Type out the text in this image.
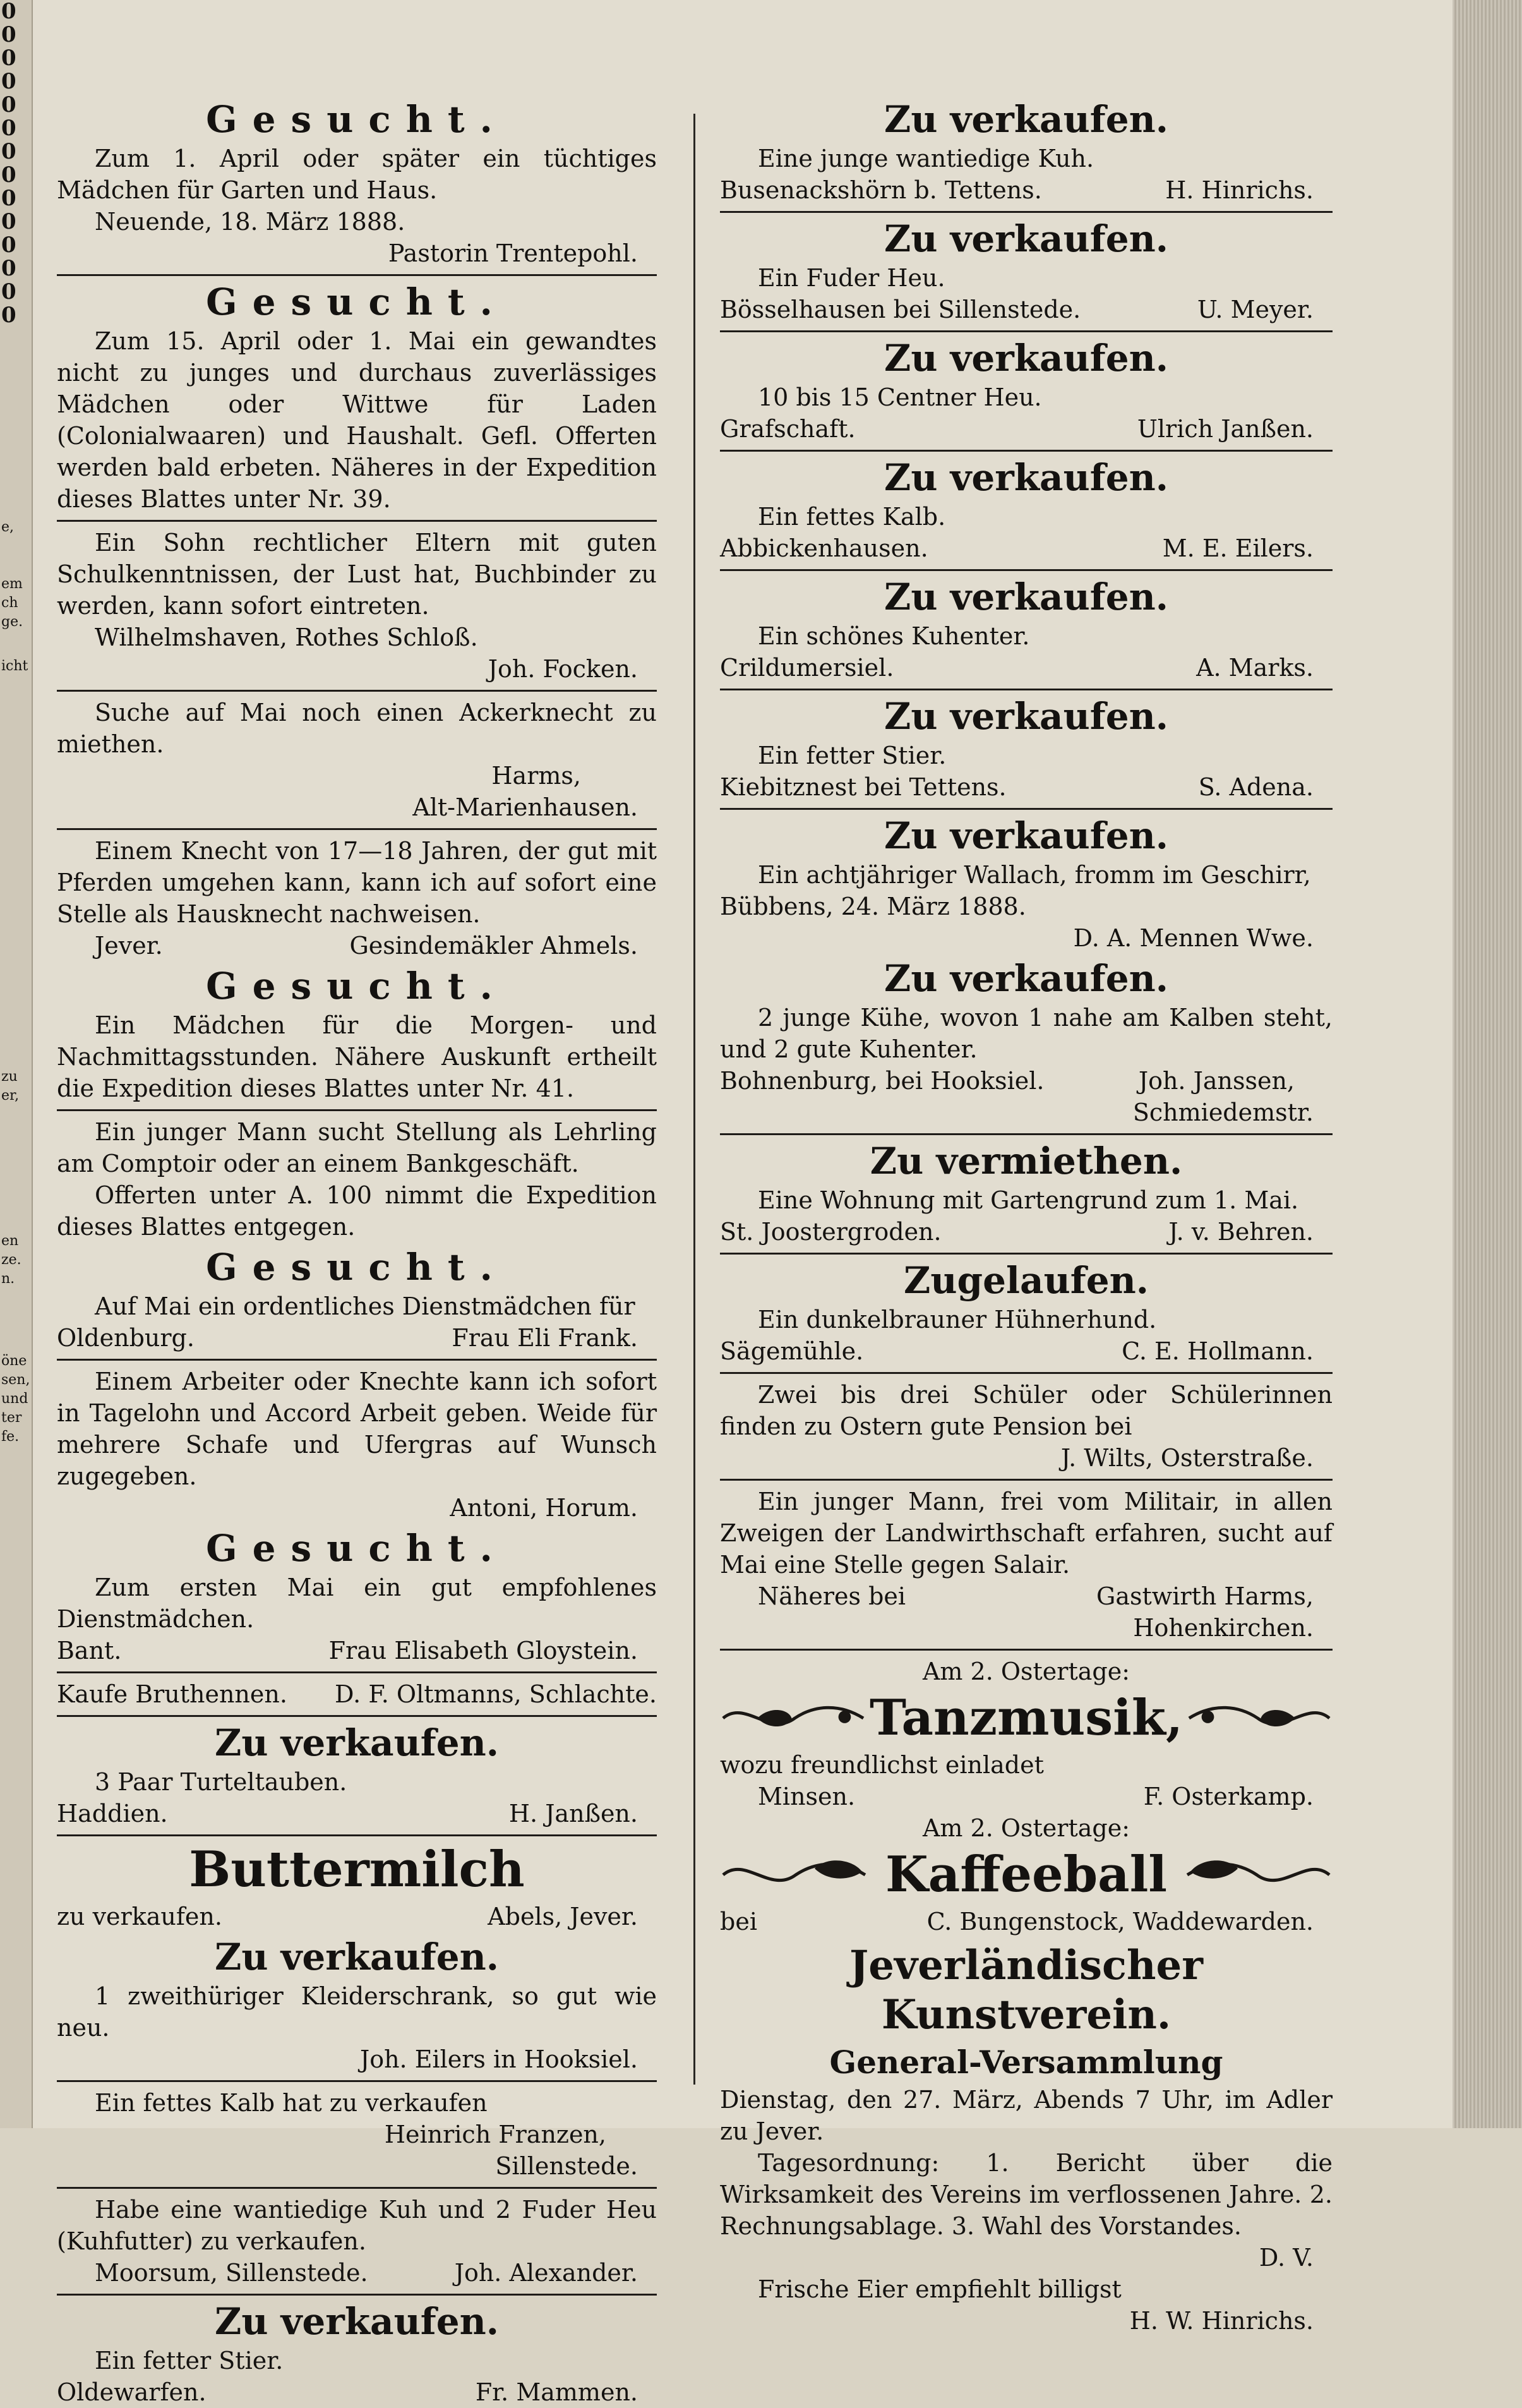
0
0
0
0
0
0
0
0
0
0
0
0
0
0
e,
em
ch
ge.
icht
zu
er,
en
ze.
n.
öne
sen,
und
ter
fe.
Gesucht.

Zum 1. April oder später ein tüchtiges Mädchen für Garten und Haus.

Neuende, 18. März 1888.

Pastorin Trentepohl.

Gesucht.

Zum 15. April oder 1. Mai ein gewandtes nicht zu junges und durchaus zuverlässiges Mädchen oder Wittwe für Laden (Colonialwaaren) und Haushalt. Gefl. Offerten werden bald erbeten. Näheres in der Expedition dieses Blattes unter Nr. 39.

Ein Sohn rechtlicher Eltern mit guten Schulkenntnissen, der Lust hat, Buchbinder zu werden, kann sofort eintreten.

Wilhelmshaven, Rothes Schloß.

Joh. Focken.

Suche auf Mai noch einen Ackerknecht zu miethen.

Harms,

Alt-Marienhausen.

Einem Knecht von 17—18 Jahren, der gut mit Pferden umgehen kann, kann ich auf sofort eine Stelle als Hausknecht nachweisen.

Jever.	Gesindemäkler Ahmels.
Gesucht.

Ein Mädchen für die Morgen- und Nachmittagsstunden. Nähere Auskunft ertheilt die Expedition dieses Blattes unter Nr. 41.

Ein junger Mann sucht Stellung als Lehrling am Comptoir oder an einem Bankgeschäft.

Offerten unter A. 100 nimmt die Expedition dieses Blattes entgegen.

Gesucht.

Auf Mai ein ordentliches Dienstmädchen für

Oldenburg.	Frau Eli Frank.

Einem Arbeiter oder Knechte kann ich sofort in Tagelohn und Accord Arbeit geben. Weide für mehrere Schafe und Ufergras auf Wunsch zugegeben.

Antoni, Horum.

Gesucht.

Zum ersten Mai ein gut empfohlenes Dienstmädchen.

Bant.	Frau Elisabeth Gloystein.
Kaufe Bruthennen. D. F. Oltmanns, Schlachte.
Zu verkaufen.

3 Paar Turteltauben.

Haddien.	H. Janßen.
Buttermilch
zu verkaufen.	Abels, Jever.
Zu verkaufen.

1 zweithüriger Kleiderschrank, so gut wie neu.

Joh. Eilers in Hooksiel.

Ein fettes Kalb hat zu verkaufen

Heinrich Franzen,

Sillenstede.

Habe eine wantiedige Kuh und 2 Fuder Heu (Kuhfutter) zu verkaufen.

Moorsum, Sillenstede.	Joh. Alexander.
Zu verkaufen.

Ein fetter Stier.

Oldewarfen.	Fr. Mammen.
Zu verkaufen.

Eine junge wantiedige Kuh.

Busenackshörn b. Tettens.	H. Hinrichs.
Zu verkaufen.

Ein Fuder Heu.

Bösselhausen bei Sillenstede.	U. Meyer.
Zu verkaufen.

10 bis 15 Centner Heu.

Grafschaft.	Ulrich Janßen.
Zu verkaufen.

Ein fettes Kalb.

Abbickenhausen.	M. E. Eilers.
Zu verkaufen.

Ein schönes Kuhenter.

Crildumersiel.	A. Marks.
Zu verkaufen.

Ein fetter Stier.

Kiebitznest bei Tettens.	S. Adena.
Zu verkaufen.

Ein achtjähriger Wallach, fromm im Geschirr,

Bübbens, 24. März 1888.

D. A. Mennen Wwe.

Zu verkaufen.

2 junge Kühe, wovon 1 nahe am Kalben steht, und 2 gute Kuhenter.

Bohnenburg, bei Hooksiel.	Joh. Janssen,

Schmiedemstr.

Zu vermiethen.

Eine Wohnung mit Gartengrund zum 1. Mai.

St. Joostergroden.	J. v. Behren.
Zugelaufen.

Ein dunkelbrauner Hühnerhund.

Sägemühle.	C. E. Hollmann.

Zwei bis drei Schüler oder Schülerinnen finden zu Ostern gute Pension bei

J. Wilts, Osterstraße.

Ein junger Mann, frei vom Militair, in allen Zweigen der Landwirthschaft erfahren, sucht auf Mai eine Stelle gegen Salair.

Näheres bei	Gastwirth Harms,

Hohenkirchen.

Am 2. Ostertage:

Tanzmusik,

wozu freundlichst einladet

Minsen.	F. Osterkamp.

Am 2. Ostertage:

Kaffeeball
bei	C. Bungenstock, Waddewarden.
Jeverländischer Kunstverein.
General-Versammlung

Dienstag, den 27. März, Abends 7 Uhr, im Adler zu Jever.

Tagesordnung: 1. Bericht über die Wirksamkeit des Vereins im verflossenen Jahre. 2. Rechnungsablage. 3. Wahl des Vorstandes.

D. V.

Frische Eier empfiehlt billigst

H. W. Hinrichs.
